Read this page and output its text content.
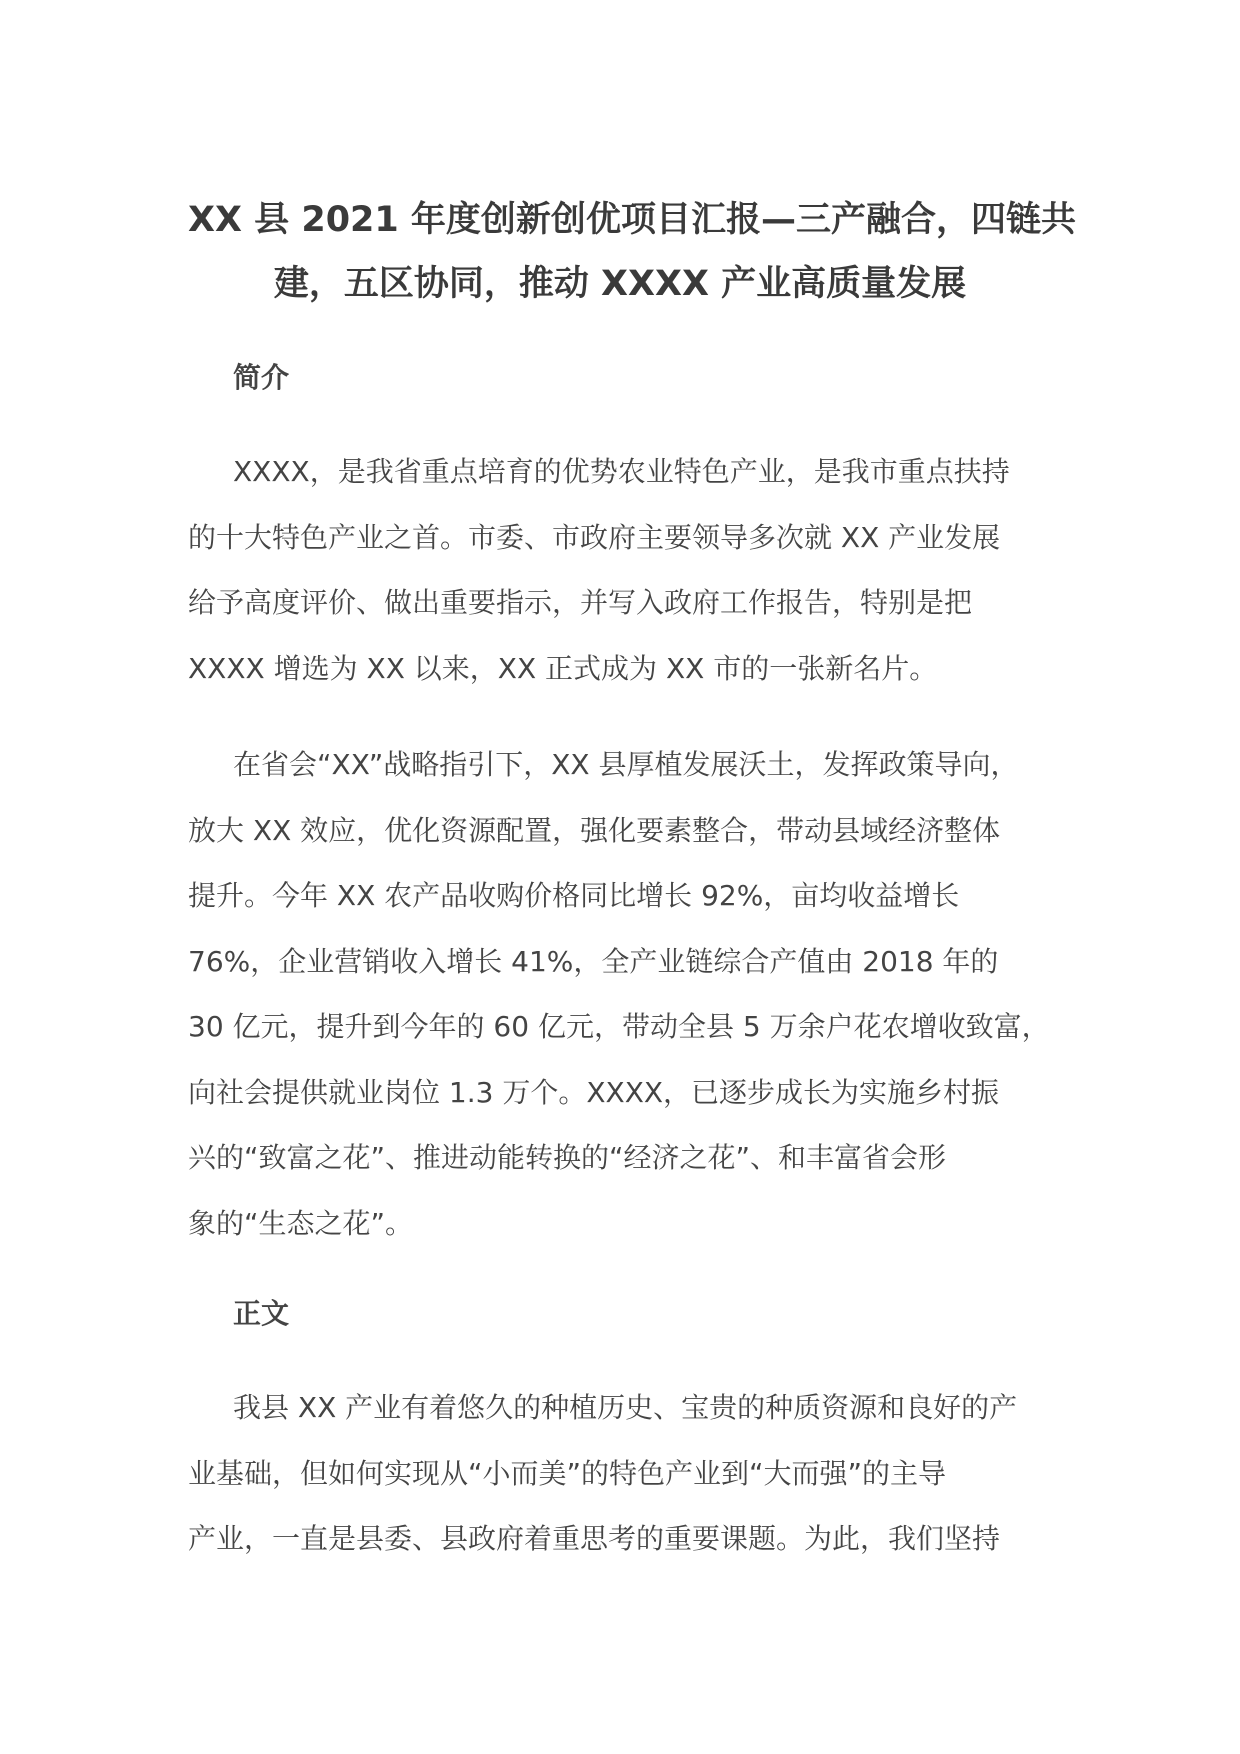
XX 县 2021 年度创新创优项目汇报—三产融合，四链共
建，五区协同，推动 XXXX 产业高质量发展
简介
XXXX，是我省重点培育的优势农业特色产业，是我市重点扶持
的十大特色产业之首。市委、市政府主要领导多次就 XX 产业发展
给予高度评价、做出重要指示，并写入政府工作报告，特别是把
XXXX 增选为 XX 以来，XX 正式成为 XX 市的一张新名片。
在省会“XX”战略指引下，XX 县厚植发展沃土，发挥政策导向，
放大 XX 效应，优化资源配置，强化要素整合，带动县域经济整体
提升。今年 XX 农产品收购价格同比增长 92%，亩均收益增长
76%，企业营销收入增长 41%，全产业链综合产值由 2018 年的
30 亿元，提升到今年的 60 亿元，带动全县 5 万余户花农增收致富，
向社会提供就业岗位 1.3 万个。XXXX，已逐步成长为实施乡村振
兴的“致富之花”、推进动能转换的“经济之花”、和丰富省会形
象的“生态之花”。
正文
我县 XX 产业有着悠久的种植历史、宝贵的种质资源和良好的产
业基础，但如何实现从“小而美”的特色产业到“大而强”的主导
产业，一直是县委、县政府着重思考的重要课题。为此，我们坚持
